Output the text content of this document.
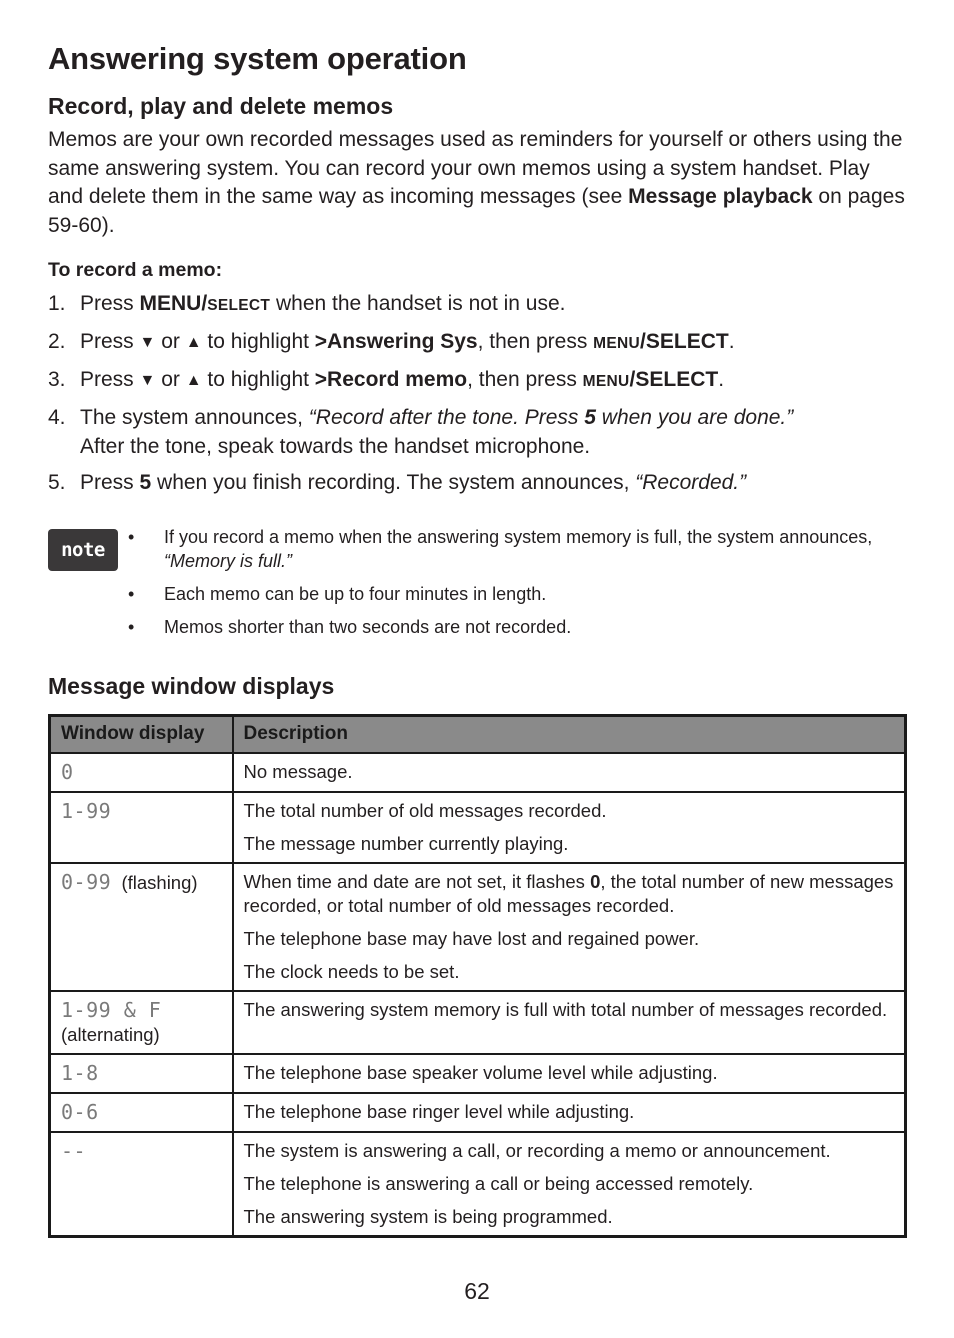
Answering system operation
Record, play and delete memos

Memos are your own recorded messages used as reminders for yourself or others using the same answering system. You can record your own memos using a system handset. Play and delete them in the same way as incoming messages (see Message playback on pages 59-60).

To record a memo:
1. Press MENU/SELECT when the handset is not in use.
2. Press ▼ or ▲ to highlight >Answering Sys, then press MENU/SELECT.
3. Press ▼ or ▲ to highlight >Record memo, then press MENU/SELECT.
4. The system announces, “Record after the tone. Press 5 when you are done.”
After the tone, speak towards the handset microphone.
5. Press 5 when you finish recording. The system announces, “Recorded.”
note
•	If you record a memo when the answering system memory is full, the system announces, “Memory is full.”
•	Each memo can be up to four minutes in length.
•	Memos shorter than two seconds are not recorded.
Message window displays
Window display	Description
0	No message.

1-99	The total number of old messages recorded.

The message number currently playing.

0-99 (flashing)	When time and date are not set, it flashes 0, the total number of new messages recorded, or total number of old messages recorded.

The telephone base may have lost and regained power.

The clock needs to be set.

1-99 & F
(alternating)	The answering system memory is full with total number of messages recorded.

1-8	The telephone base speaker volume level while adjusting.

0-6	The telephone base ringer level while adjusting.

--	The system is answering a call, or recording a memo or announcement.

The telephone is answering a call or being accessed remotely.

The answering system is being programmed.

62
